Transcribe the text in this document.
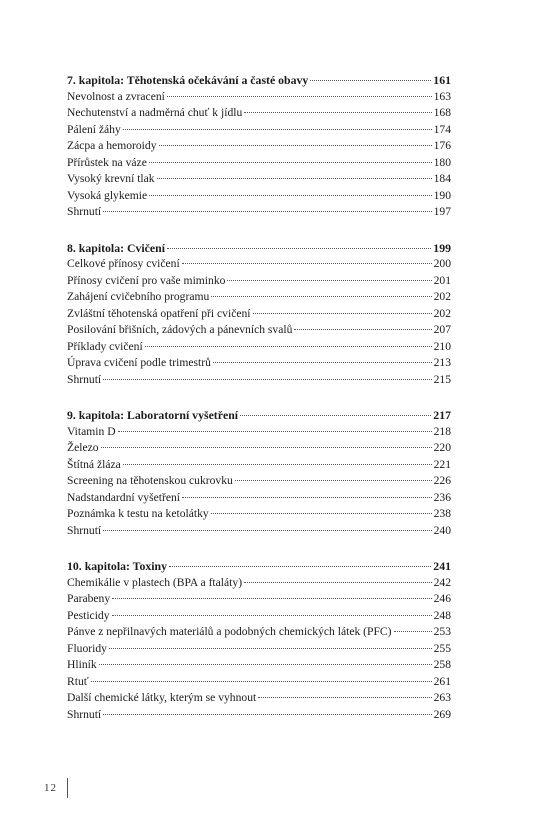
7. kapitola: Těhotenská očekávání a časté obavy	161
Nevolnost a zvracení	163
Nechutenství a nadměrná chuť k jídlu	168
Pálení žáhy	174
Zácpa a hemoroidy	176
Přírůstek na váze	180
Vysoký krevní tlak	184
Vysoká glykemie	190
Shrnutí	197
8. kapitola: Cvičení	199
Celkové přínosy cvičení	200
Přínosy cvičení pro vaše miminko	201
Zahájení cvičebního programu	202
Zvláštní těhotenská opatření při cvičení	202
Posilování břišních, zádových a pánevních svalů	207
Příklady cvičení	210
Úprava cvičení podle trimestrů	213
Shrnutí	215
9. kapitola: Laboratorní vyšetření	217
Vitamin D	218
Železo	220
Štítná žláza	221
Screening na těhotenskou cukrovku	226
Nadstandardní vyšetření	236
Poznámka k testu na ketolátky	238
Shrnutí	240
10. kapitola: Toxiny	241
Chemikálie v plastech (BPA a ftaláty)	242
Parabeny	246
Pesticidy	248
Pánve z nepřilnavých materiálů a podobných chemických látek (PFC)	253
Fluoridy	255
Hliník	258
Rtuť	261
Další chemické látky, kterým se vyhnout	263
Shrnutí	269
12
